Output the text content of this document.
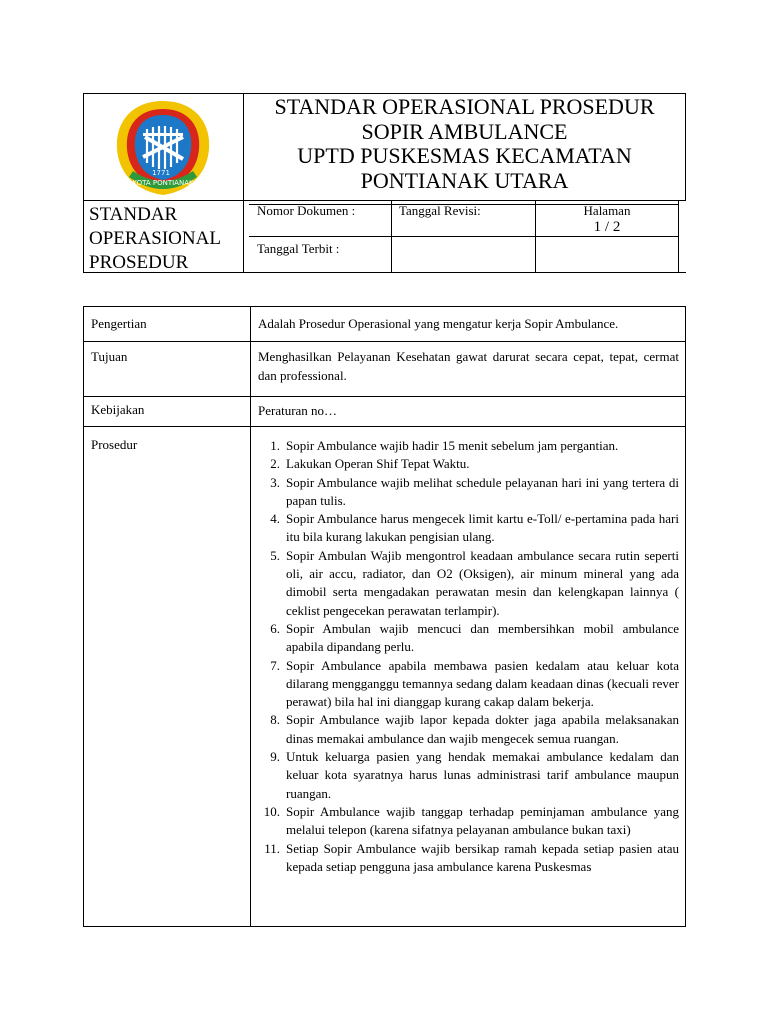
KOTA PONTIANAK
1771
STANDAR OPERASIONAL PROSEDUR
SOPIR AMBULANCE
UPTD PUSKESMAS KECAMATAN
PONTIANAK UTARA
STANDAR
OPERASIONAL
PROSEDUR
Nomor Dokumen :	Tanggal Revisi:	Halaman
1 / 2
Tanggal Terbit :
Pengertian	Adalah Prosedur Operasional yang mengatur kerja Sopir Ambulance.
Tujuan	Menghasilkan Pelayanan Kesehatan gawat darurat secara cepat, tepat, cermat dan professional.
Kebijakan	Peraturan no…
Prosedur	1. Sopir Ambulance wajib hadir 15 menit sebelum jam pergantian.
2. Lakukan Operan Shif Tepat Waktu.
3. Sopir Ambulance wajib melihat schedule pelayanan hari ini yang tertera di papan tulis.
4. Sopir Ambulance harus mengecek limit kartu e-Toll/ e-pertamina pada hari itu bila kurang lakukan pengisian ulang.
5. Sopir Ambulan Wajib mengontrol keadaan ambulance secara rutin seperti oli, air accu, radiator, dan O2 (Oksigen), air minum mineral yang ada dimobil serta mengadakan perawatan mesin dan kelengkapan lainnya ( ceklist pengecekan perawatan terlampir).
6. Sopir Ambulan wajib mencuci dan membersihkan mobil ambulance apabila dipandang perlu.
7. Sopir Ambulance apabila membawa pasien kedalam atau keluar kota dilarang mengganggu temannya sedang dalam keadaan dinas (kecuali rever perawat) bila hal ini dianggap kurang cakap dalam bekerja.
8. Sopir Ambulance wajib lapor kepada dokter jaga apabila melaksanakan dinas memakai ambulance dan wajib mengecek semua ruangan.
9. Untuk keluarga pasien yang hendak memakai ambulance kedalam dan keluar kota syaratnya harus lunas administrasi tarif ambulance maupun ruangan.
10. Sopir Ambulance wajib tanggap terhadap peminjaman ambulance yang melalui telepon (karena sifatnya pelayanan ambulance bukan taxi)
11. Setiap Sopir Ambulance wajib bersikap ramah kepada setiap pasien atau kepada setiap pengguna jasa ambulance karena Puskesmas
